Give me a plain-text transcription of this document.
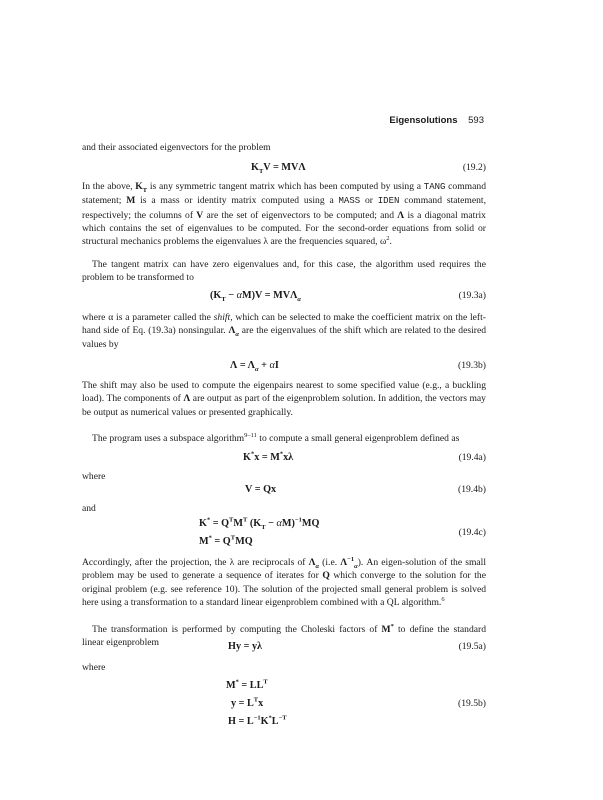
Eigensolutions 593

and their associated eigenvectors for the problem

$K_TV = MV\Lambda$	(19.2)

In the above, $K_T$ is any symmetric tangent matrix which has been computed by using a TANG command statement; M is a mass or identity matrix computed using a MASS or IDEN command statement, respectively; the columns of V are the set of eigenvectors to be computed; and Λ is a diagonal matrix which contains the set of eigenvalues to be computed. For the second-order equations from solid or structural mechanics problems the eigenvalues λ are the frequencies squared, $\omega^2$.

The tangent matrix can have zero eigenvalues and, for this case, the algorithm used requires the problem to be transformed to

$(K_T - \alpha M)V = MV\Lambda_\alpha$	(19.3a)

where α is a parameter called the shift, which can be selected to make the coefficient matrix on the left-hand side of Eq. (19.3a) nonsingular. $\Lambda_\alpha$ are the eigenvalues of the shift which are related to the desired values by

$\Lambda = \Lambda_\alpha + \alpha I$	(19.3b)

The shift may also be used to compute the eigenpairs nearest to some specified value (e.g., a buckling load). The components of Λ are output as part of the eigenproblem solution. In addition, the vectors may be output as numerical values or presented graphically.

The program uses a subspace algorithm$^{9-11}$ to compute a small general eigenproblem defined as

K*x = M*xλ	(19.4a)

where

V = Qx	(19.4b)

and

$K^* = Q^TM^T$ $(K_T - \alpha M)^{-1}MQ$
$M^* = Q^TMQ$
(19.4c)

Accordingly, after the projection, the λ are reciprocals of $\Lambda_\alpha$ (i.e. $\Lambda^{-1}_\alpha$). An eigen-solution of the small problem may be used to generate a sequence of iterates for Q which converge to the solution for the original problem (e.g. see reference 10). The solution of the projected small general problem is solved here using a transformation to a standard linear eigenproblem combined with a QL algorithm.$^6$

The transformation is performed by computing the Choleski factors of M* to define the standard linear eigenproblem	Hy = yλ	(19.5a)

where

$M^* = LL^T$
$y = L^Tx$
$H = L^{-1}K^*L^{-T}$
(19.5b)
